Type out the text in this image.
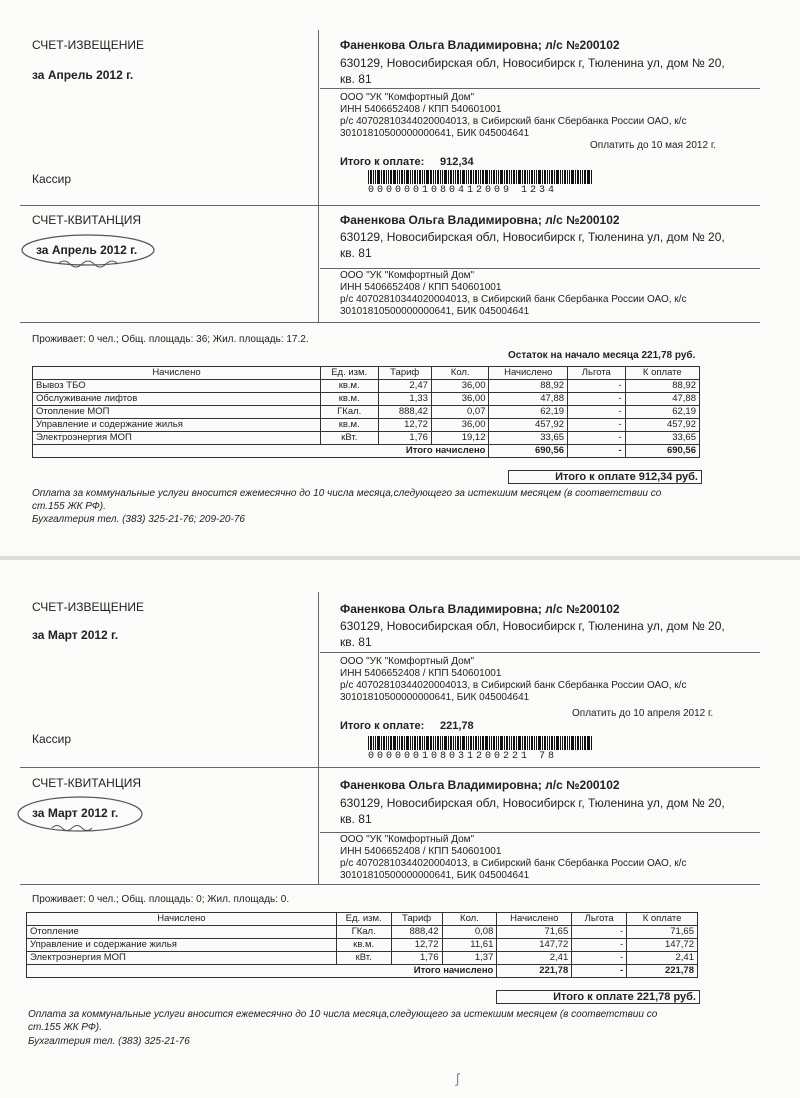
СЧЕТ-ИЗВЕЩЕНИЕ
за Апрель 2012 г.
Кассир
Фаненкова Ольга Владимировна; л/с №200102
630129, Новосибирская обл, Новосибирск г, Тюленина ул, дом № 20,
кв. 81
ООО "УК "Комфортный Дом"
ИНН 5406652408 / КПП 540601001
р/с 40702810344020004013, в Сибирский банк Сбербанка России ОАО, к/с
30101810500000000641, БИК 045004641
Оплатить до 10 мая 2012 г.
Итого к оплате: 912,34
0000001080412009 1234
СЧЕТ-КВИТАНЦИЯ
за Апрель 2012 г.
Фаненкова Ольга Владимировна; л/с №200102
630129, Новосибирская обл, Новосибирск г, Тюленина ул, дом № 20,
кв. 81
ООО "УК "Комфортный Дом"
ИНН 5406652408 / КПП 540601001
р/с 40702810344020004013, в Сибирский банк Сбербанка России ОАО, к/с
30101810500000000641, БИК 045004641
Проживает: 0 чел.; Общ. площадь: 36; Жил. площадь: 17.2.
Остаток на начало месяца 221,78 руб.
Начислено	Ед. изм.	Тариф	Кол.	Начислено	Льгота	К оплате
Вывоз ТБО	кв.м.	2,47	36,00	88,92	-	88,92
Обслуживание лифтов	кв.м.	1,33	36,00	47,88	-	47,88
Отопление МОП	ГКал.	888,42	0,07	62,19	-	62,19
Управление и содержание жилья	кв.м.	12,72	36,00	457,92	-	457,92
Электроэнергия МОП	кВт.	1,76	19,12	33,65	-	33,65
Итого начислено				690,56	-	690,56
Итого к оплате 912,34 руб.
Оплата за коммунальные услуги вносится ежемесячно до 10 числа месяца,следующего за истекшим месяцем (в соответствии со
ст.155 ЖК РФ).
Бухгалтерия тел. (383) 325-21-76; 209-20-76
СЧЕТ-ИЗВЕЩЕНИЕ
за Март 2012 г.
Кассир
Фаненкова Ольга Владимировна; л/с №200102
630129, Новосибирская обл, Новосибирск г, Тюленина ул, дом № 20,
кв. 81
ООО "УК "Комфортный Дом"
ИНН 5406652408 / КПП 540601001
р/с 40702810344020004013, в Сибирский банк Сбербанка России ОАО, к/с
30101810500000000641, БИК 045004641
Оплатить до 10 апреля 2012 г.
Итого к оплате: 221,78
000000108031200221 78
СЧЕТ-КВИТАНЦИЯ
за Март 2012 г.
Фаненкова Ольга Владимировна; л/с №200102
630129, Новосибирская обл, Новосибирск г, Тюленина ул, дом № 20,
кв. 81
ООО "УК "Комфортный Дом"
ИНН 5406652408 / КПП 540601001
р/с 40702810344020004013, в Сибирский банк Сбербанка России ОАО, к/с
30101810500000000641, БИК 045004641
Проживает: 0 чел.; Общ. площадь: 0; Жил. площадь: 0.
Начислено	Ед. изм.	Тариф	Кол.	Начислено	Льгота	К оплате
Отопление	ГКал.	888,42	0,08	71,65	-	71,65
Управление и содержание жилья	кв.м.	12,72	11,61	147,72	-	147,72
Электроэнергия МОП	кВт.	1,76	1,37	2,41	-	2,41
Итого начислено				221,78	-	221,78
Итого к оплате 221,78 руб.
Оплата за коммунальные услуги вносится ежемесячно до 10 числа месяца,следующего за истекшим месяцем (в соответствии со
ст.155 ЖК РФ).
Бухгалтерия тел. (383) 325-21-76
ʃ
